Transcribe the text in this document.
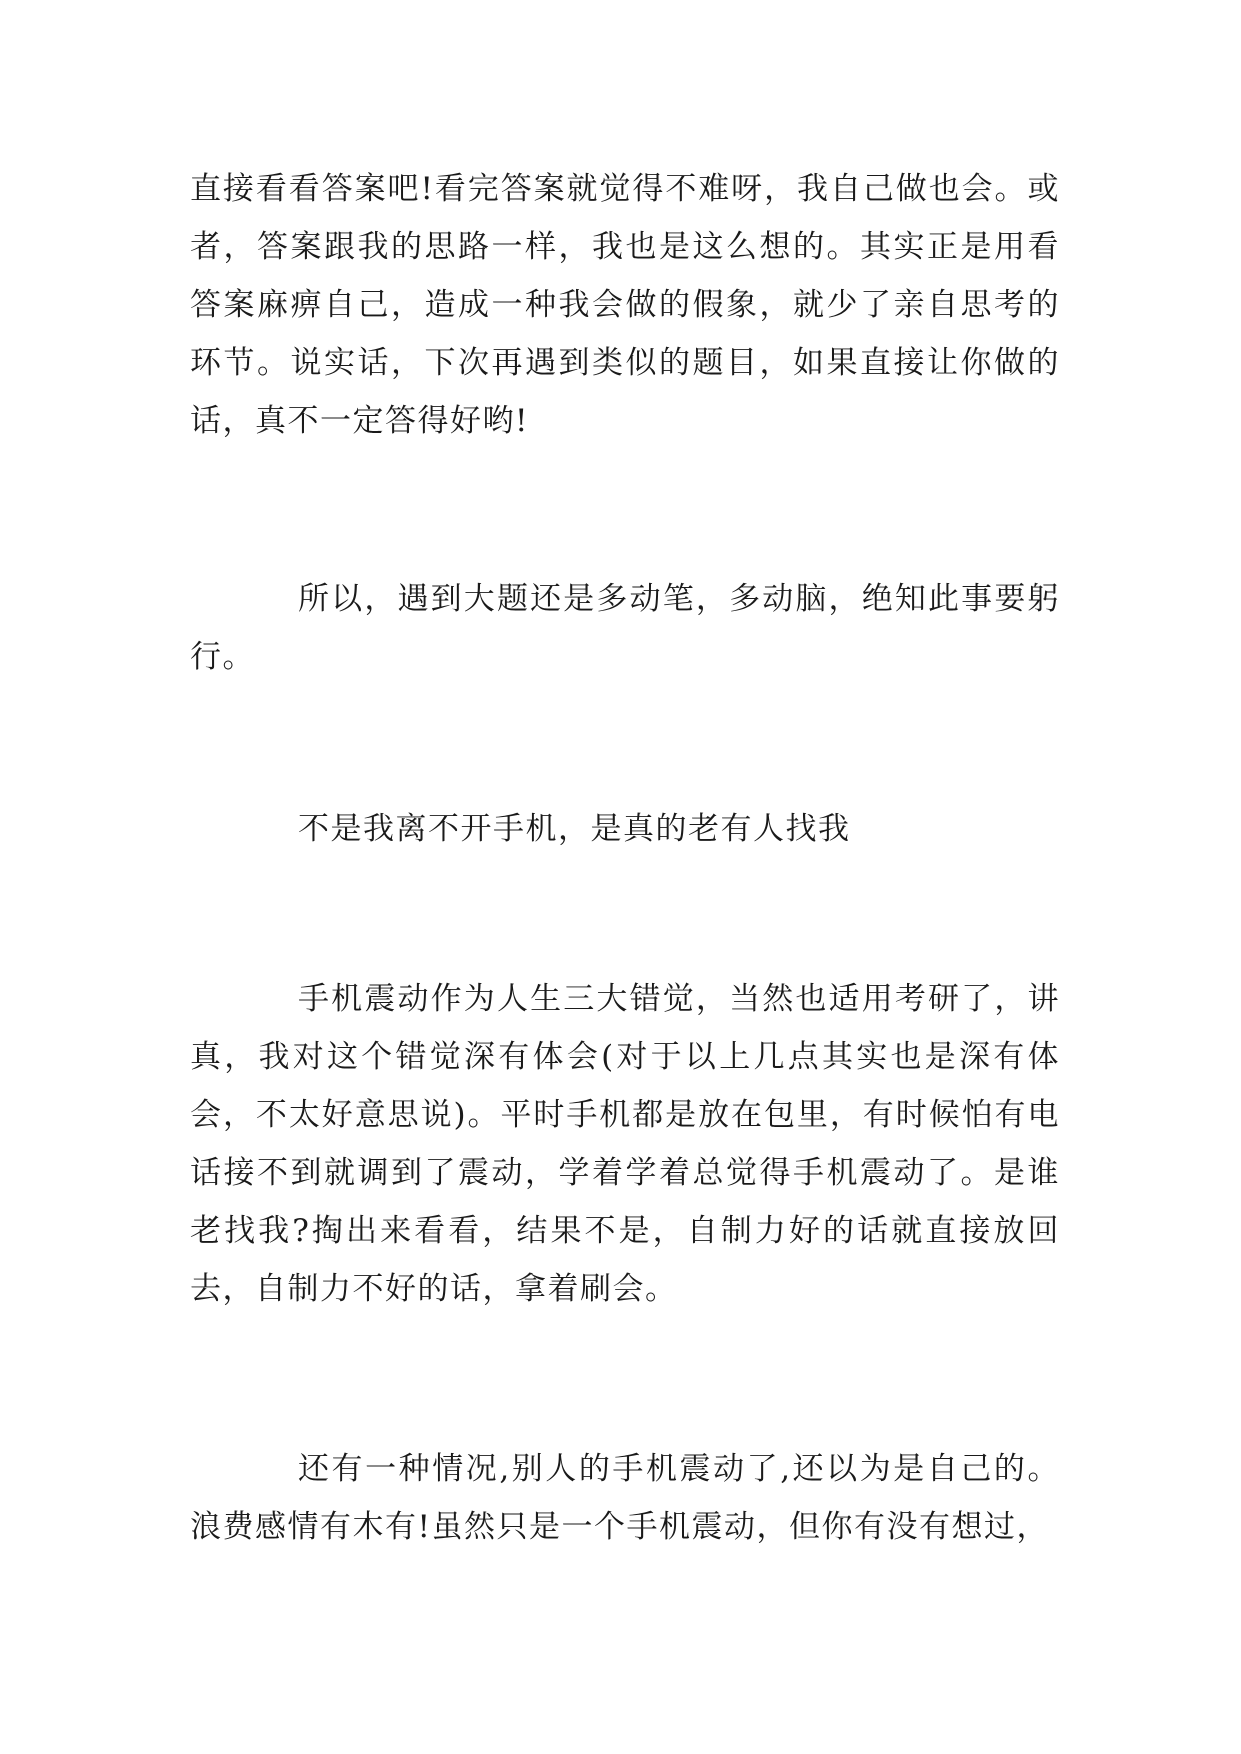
直接看看答案吧!看完答案就觉得不难呀，我自己做也会。或者，答案跟我的思路一样，我也是这么想的。其实正是用看答案麻痹自己，造成一种我会做的假象，就少了亲自思考的环节。说实话，下次再遇到类似的题目，如果直接让你做的话，真不一定答得好哟!

所以，遇到大题还是多动笔，多动脑，绝知此事要躬行。

不是我离不开手机，是真的老有人找我

手机震动作为人生三大错觉，当然也适用考研了，讲真，我对这个错觉深有体会(对于以上几点其实也是深有体会，不太好意思说)。平时手机都是放在包里，有时候怕有电话接不到就调到了震动，学着学着总觉得手机震动了。是谁老找我?掏出来看看，结果不是，自制力好的话就直接放回去，自制力不好的话，拿着刷会。

还有一种情况,别人的手机震动了,还以为是自己的。浪费感情有木有!虽然只是一个手机震动，但你有没有想过，
